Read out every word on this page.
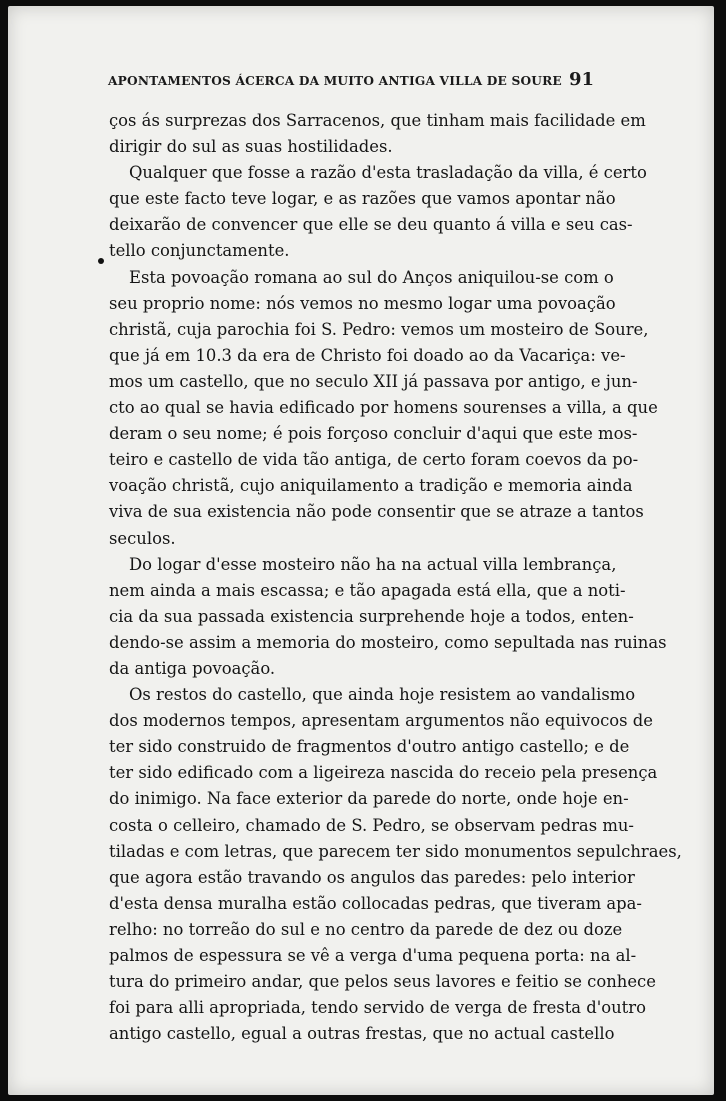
APONTAMENTOS ÁCERCA DA MUITO ANTIGA VILLA DE SOURE 91
ços ás surprezas dos Sarracenos, que tinham mais facilidade em
dirigir do sul as suas hostilidades.
Qualquer que fosse a razão d'esta trasladação da villa, é certo
que este facto teve logar, e as razões que vamos apontar não
deixarão de convencer que elle se deu quanto á villa e seu cas-
tello conjunctamente.
Esta povoação romana ao sul do Anços aniquilou-se com o
seu proprio nome: nós vemos no mesmo logar uma povoação
christã, cuja parochia foi S. Pedro: vemos um mosteiro de Soure,
que já em 10.3 da era de Christo foi doado ao da Vacariça: ve-
mos um castello, que no seculo XII já passava por antigo, e jun-
cto ao qual se havia edificado por homens sourenses a villa, a que
deram o seu nome; é pois forçoso concluir d'aqui que este mos-
teiro e castello de vida tão antiga, de certo foram coevos da po-
voação christã, cujo aniquilamento a tradição e memoria ainda
viva de sua existencia não pode consentir que se atraze a tantos
seculos.
Do logar d'esse mosteiro não ha na actual villa lembrança,
nem ainda a mais escassa; e tão apagada está ella, que a noti-
cia da sua passada existencia surprehende hoje a todos, enten-
dendo-se assim a memoria do mosteiro, como sepultada nas ruinas
da antiga povoação.
Os restos do castello, que ainda hoje resistem ao vandalismo
dos modernos tempos, apresentam argumentos não equivocos de
ter sido construido de fragmentos d'outro antigo castello; e de
ter sido edificado com a ligeireza nascida do receio pela presença
do inimigo. Na face exterior da parede do norte, onde hoje en-
costa o celleiro, chamado de S. Pedro, se observam pedras mu-
tiladas e com letras, que parecem ter sido monumentos sepulchraes,
que agora estão travando os angulos das paredes: pelo interior
d'esta densa muralha estão collocadas pedras, que tiveram apa-
relho: no torreão do sul e no centro da parede de dez ou doze
palmos de espessura se vê a verga d'uma pequena porta: na al-
tura do primeiro andar, que pelos seus lavores e feitio se conhece
foi para alli apropriada, tendo servido de verga de fresta d'outro
antigo castello, egual a outras frestas, que no actual castello
